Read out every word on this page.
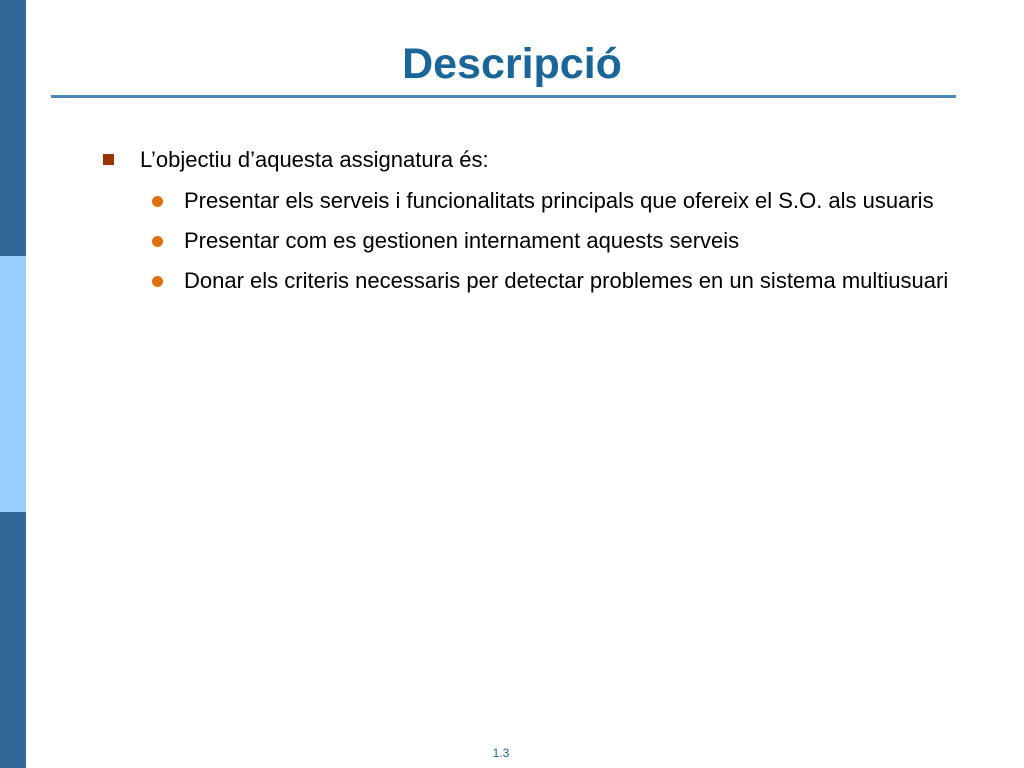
Descripció
L’objectiu d’aquesta assignatura és:
Presentar els serveis i funcionalitats principals que ofereix el S.O. als usuaris
Presentar com es gestionen internament aquests serveis
Donar els criteris necessaris per detectar problemes en un sistema multiusuari
1.3
